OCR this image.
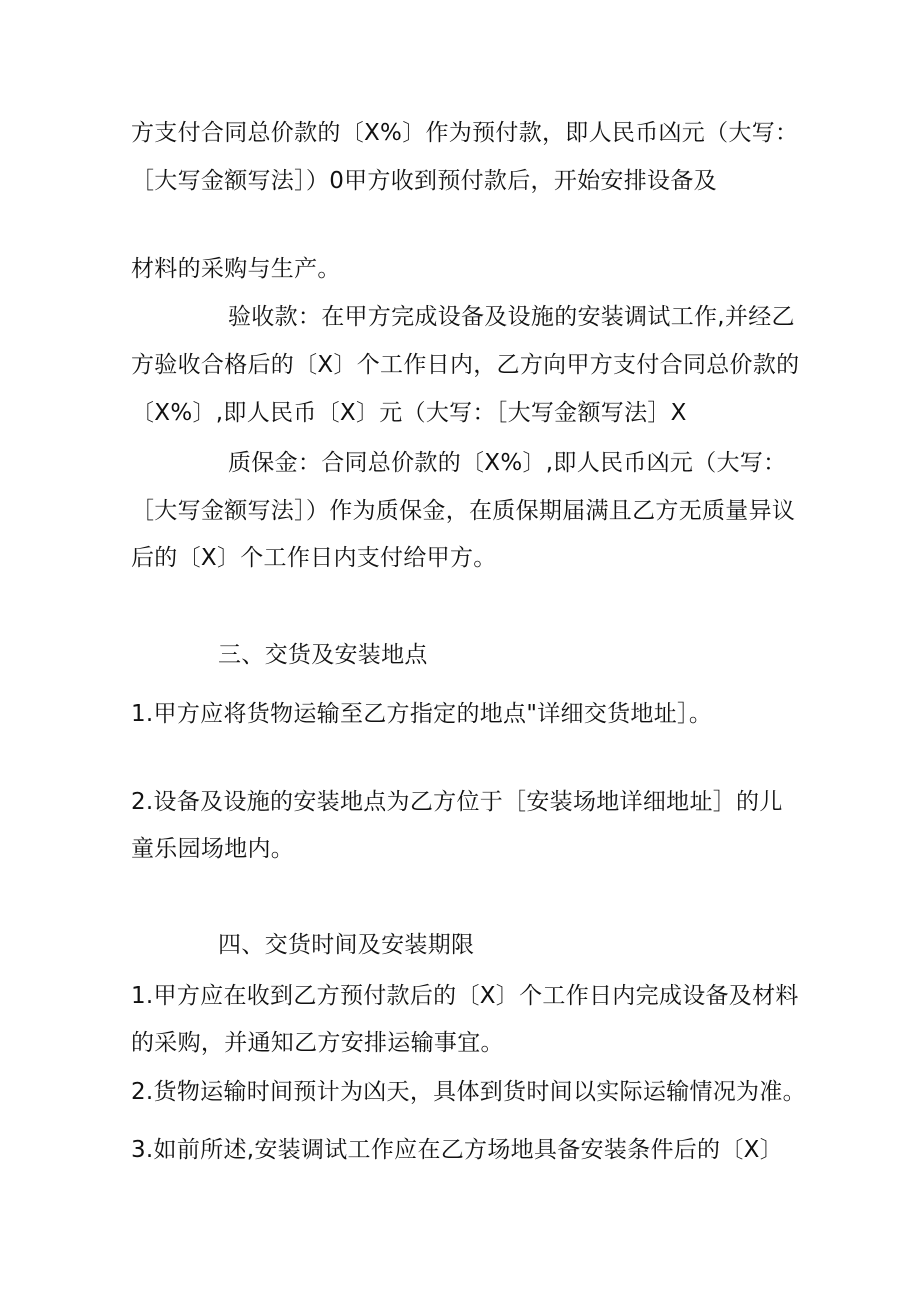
方支付合同总价款的〔X%〕作为预付款，即人民币凶元（大写：
［大写金额写法］）0甲方收到预付款后，开始安排设备及
材料的采购与生产。
验收款：在甲方完成设备及设施的安装调试工作,并经乙
方验收合格后的〔X〕个工作日内，乙方向甲方支付合同总价款的
〔X%〕,即人民币〔X〕元（大写：［大写金额写法］X
质保金：合同总价款的〔X%〕,即人民币凶元（大写：
［大写金额写法］）作为质保金，在质保期届满且乙方无质量异议
后的〔X〕个工作日内支付给甲方。
三、交货及安装地点
1.甲方应将货物运输至乙方指定的地点"详细交货地址］。
2.设备及设施的安装地点为乙方位于［安装场地详细地址］的儿
童乐园场地内。
四、交货时间及安装期限
1.甲方应在收到乙方预付款后的〔X〕个工作日内完成设备及材料
的采购，并通知乙方安排运输事宜。
2.货物运输时间预计为凶天，具体到货时间以实际运输情况为准。
3.如前所述,安装调试工作应在乙方场地具备安装条件后的〔X〕
